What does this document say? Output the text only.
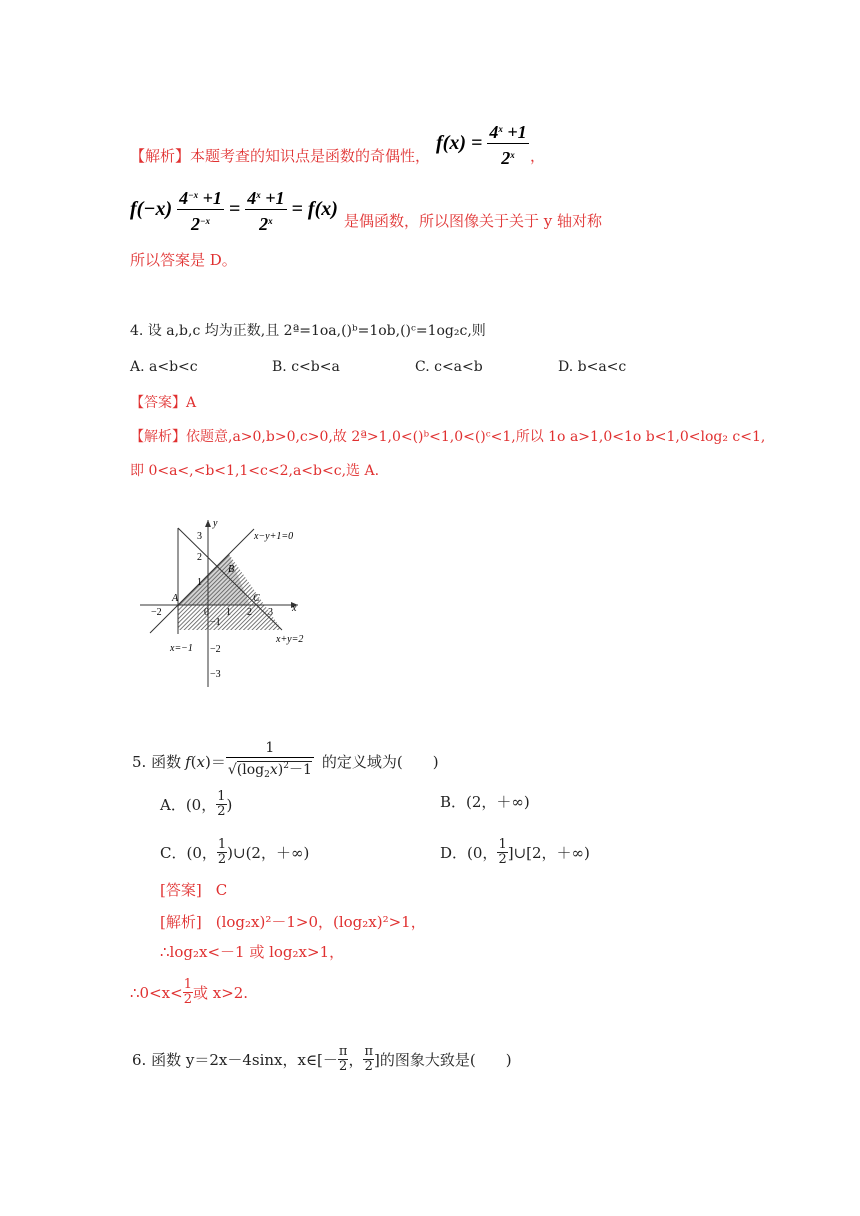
【解析】本题考查的知识点是函数的奇偶性，
$f(x) = \frac{4^x +1}{2^x}$ ，
$f(-x) \frac{4^{-x} +1}{2^{-x}} = \frac{4^x +1}{2^x} = f(x)$
是偶函数，所以图像关于关于 y 轴对称
所以答案是 D。
4. 设 a,b,c 均为正数,且 2ª=1oa,()ᵇ=1ob,()ᶜ=1og₂c,则
A. a<b<c	B. c<b<a	C. c<a<b	D. b<a<c
【答案】A
【解析】依题意,a>0,b>0,c>0,故 2ª>1,0<()ᵇ<1,0<()ᶜ<1,所以 1o a>1,0<1o b<1,0<log₂ c<1,
即 0<a<,<b<1,1<c<2,a<b<c,选 A.
y
x
x−y+1=0
x+y=2
x=−1
A
B
C
0
−2	1 2 3
3
2
1
−1
−2
−3
5. 函数 f ( x )＝ $\frac{1}{√(\log_2x)^2-1}$ 的定义域为(　　)
A．(0， 1
2 )	B．(2，＋∞)
C．(0， 1
2 )∪(2，＋∞)	D．(0， 1
2 ]∪[2，＋∞)
[答案] C
[解析] (log₂x)²－1>0，(log₂x)²>1，
∴log₂x<－1 或 log₂x>1，
∴0<x< 1
2 或 x>2.
6. 函数 y＝2x－4sinx，x∈[－ π
2 ， π
2 ]的图象大致是(　　)
